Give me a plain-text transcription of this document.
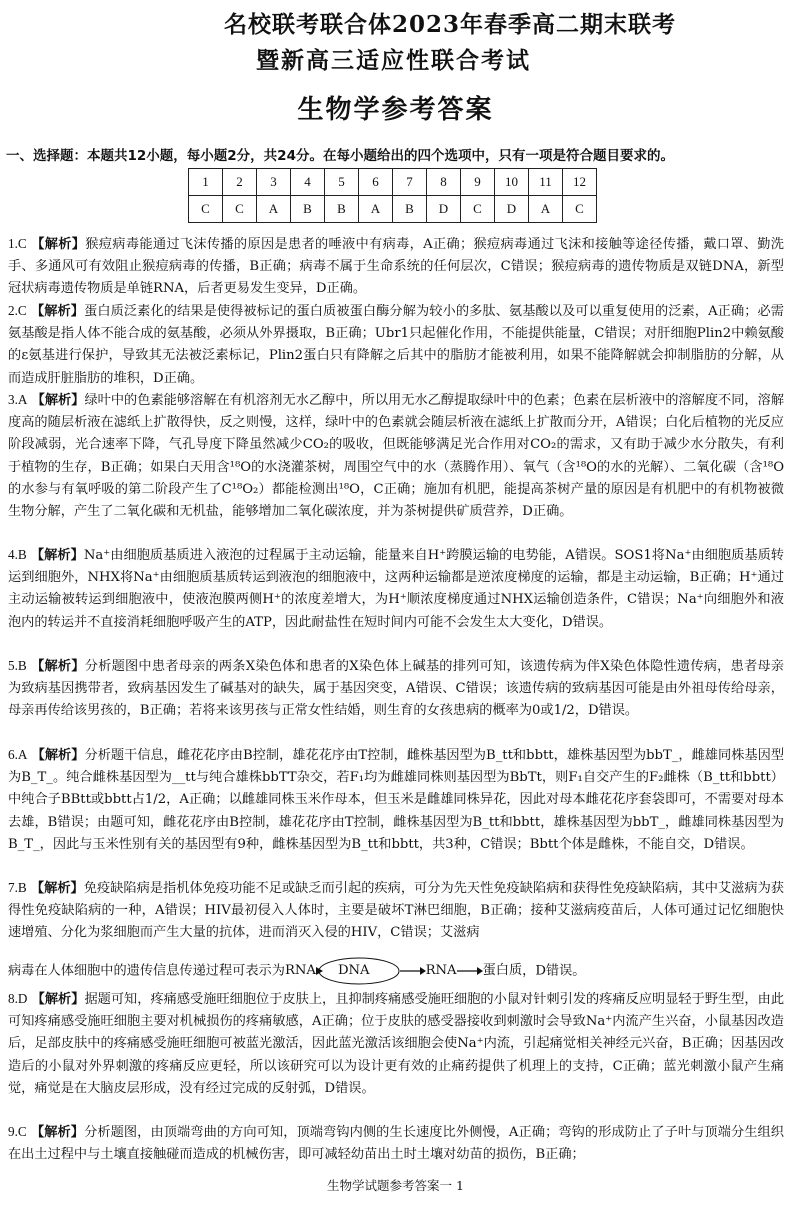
名校联考联合体2023年春季高二期末联考
暨新高三适应性联合考试
生物学参考答案
一、选择题：本题共12小题，每小题2分，共24分。在每小题给出的四个选项中，只有一项是符合题目要求的。
1	2	3	4	5	6	7	8	9	10	11	12
C	C	A	B	B	A	B	D	C	D	A	C
1.C 【解析】猴痘病毒能通过飞沫传播的原因是患者的唾液中有病毒，A正确；猴痘病毒通过飞沫和接触等途径传播，戴口罩、勤洗手、多通风可有效阻止猴痘病毒的传播，B正确；病毒不属于生命系统的任何层次，C错误；猴痘病毒的遗传物质是双链DNA，新型冠状病毒遗传物质是单链RNA，后者更易发生变异，D正确。
2.C 【解析】蛋白质泛素化的结果是使得被标记的蛋白质被蛋白酶分解为较小的多肽、氨基酸以及可以重复使用的泛素，A正确；必需氨基酸是指人体不能合成的氨基酸，必须从外界摄取，B正确；Ubr1只起催化作用，不能提供能量，C错误；对肝细胞Plin2中赖氨酸的ε氨基进行保护，导致其无法被泛素标记，Plin2蛋白只有降解之后其中的脂肪才能被利用，如果不能降解就会抑制脂肪的分解，从而造成肝脏脂肪的堆积，D正确。
3.A 【解析】绿叶中的色素能够溶解在有机溶剂无水乙醇中，所以用无水乙醇提取绿叶中的色素；色素在层析液中的溶解度不同，溶解度高的随层析液在滤纸上扩散得快，反之则慢，这样，绿叶中的色素就会随层析液在滤纸上扩散而分开，A错误；白化后植物的光反应阶段减弱，光合速率下降，气孔导度下降虽然减少CO₂的吸收，但既能够满足光合作用对CO₂的需求，又有助于减少水分散失，有利于植物的生存，B正确；如果白天用含¹⁸O的水浇灌茶树，周围空气中的水（蒸腾作用）、氧气（含¹⁸O的水的光解）、二氧化碳（含¹⁸O的水参与有氧呼吸的第二阶段产生了C¹⁸O₂）都能检测出¹⁸O，C正确；施加有机肥，能提高茶树产量的原因是有机肥中的有机物被微生物分解，产生了二氧化碳和无机盐，能够增加二氧化碳浓度，并为茶树提供矿质营养，D正确。
4.B 【解析】Na⁺由细胞质基质进入液泡的过程属于主动运输，能量来自H⁺跨膜运输的电势能，A错误。SOS1将Na⁺由细胞质基质转运到细胞外，NHX将Na⁺由细胞质基质转运到液泡的细胞液中，这两种运输都是逆浓度梯度的运输，都是主动运输，B正确；H⁺通过主动运输被转运到细胞液中，使液泡膜两侧H⁺的浓度差增大，为H⁺顺浓度梯度通过NHX运输创造条件，C错误；Na⁺向细胞外和液泡内的转运并不直接消耗细胞呼吸产生的ATP，因此耐盐性在短时间内可能不会发生太大变化，D错误。
5.B 【解析】分析题图中患者母亲的两条X染色体和患者的X染色体上碱基的排列可知，该遗传病为伴X染色体隐性遗传病，患者母亲为致病基因携带者，致病基因发生了碱基对的缺失，属于基因突变，A错误、C错误；该遗传病的致病基因可能是由外祖母传给母亲，母亲再传给该男孩的，B正确；若将来该男孩与正常女性结婚，则生育的女孩患病的概率为0或1/2，D错误。
6.A 【解析】分析题干信息，雌花花序由B控制，雄花花序由T控制，雌株基因型为B_tt和bbtt，雄株基因型为bbT_，雌雄同株基因型为B_T_。纯合雌株基因型为__tt与纯合雄株bbTT杂交，若F₁均为雌雄同株则基因型为BbTt，则F₁自交产生的F₂雌株（B_tt和bbtt）中纯合子BBtt或bbtt占1/2，A正确；以雌雄同株玉米作母本，但玉米是雌雄同株异花，因此对母本雌花花序套袋即可，不需要对母本去雄，B错误；由题可知，雌花花序由B控制，雄花花序由T控制，雌株基因型为B_tt和bbtt，雄株基因型为bbT_，雌雄同株基因型为B_T_，因此与玉米性别有关的基因型有9种，雌株基因型为B_tt和bbtt，共3种，C错误；Bbtt个体是雌株，不能自交，D错误。
7.B 【解析】免疫缺陷病是指机体免疫功能不足或缺乏而引起的疾病，可分为先天性免疫缺陷病和获得性免疫缺陷病，其中艾滋病为获得性免疫缺陷病的一种，A错误；HIV最初侵入人体时，主要是破坏T淋巴细胞，B正确；接种艾滋病疫苗后，人体可通过记忆细胞快速增殖、分化为浆细胞而产生大量的抗体，进而消灭入侵的HIV，C错误；艾滋病
病毒在人体细胞中的遗传信息传递过程可表示为 RNA DNA	RNA 蛋白质 ，D错误。
8.D 【解析】据题可知，疼痛感受施旺细胞位于皮肤上，且抑制疼痛感受施旺细胞的小鼠对针刺引发的疼痛反应明显轻于野生型，由此可知疼痛感受施旺细胞主要对机械损伤的疼痛敏感，A正确；位于皮肤的感受器接收到刺激时会导致Na⁺内流产生兴奋，小鼠基因改造后，足部皮肤中的疼痛感受施旺细胞可被蓝光激活，因此蓝光激活该细胞会使Na⁺内流，引起痛觉相关神经元兴奋，B正确；因基因改造后的小鼠对外界刺激的疼痛反应更轻，所以该研究可以为设计更有效的止痛药提供了机理上的支持，C正确；蓝光刺激小鼠产生痛觉，痛觉是在大脑皮层形成，没有经过完成的反射弧，D错误。
9.C 【解析】分析题图，由顶端弯曲的方向可知，顶端弯钩内侧的生长速度比外侧慢，A正确；弯钩的形成防止了子叶与顶端分生组织在出土过程中与土壤直接触碰而造成的机械伤害，即可减轻幼苗出土时土壤对幼苗的损伤，B正确；
生物学试题参考答案一 1
